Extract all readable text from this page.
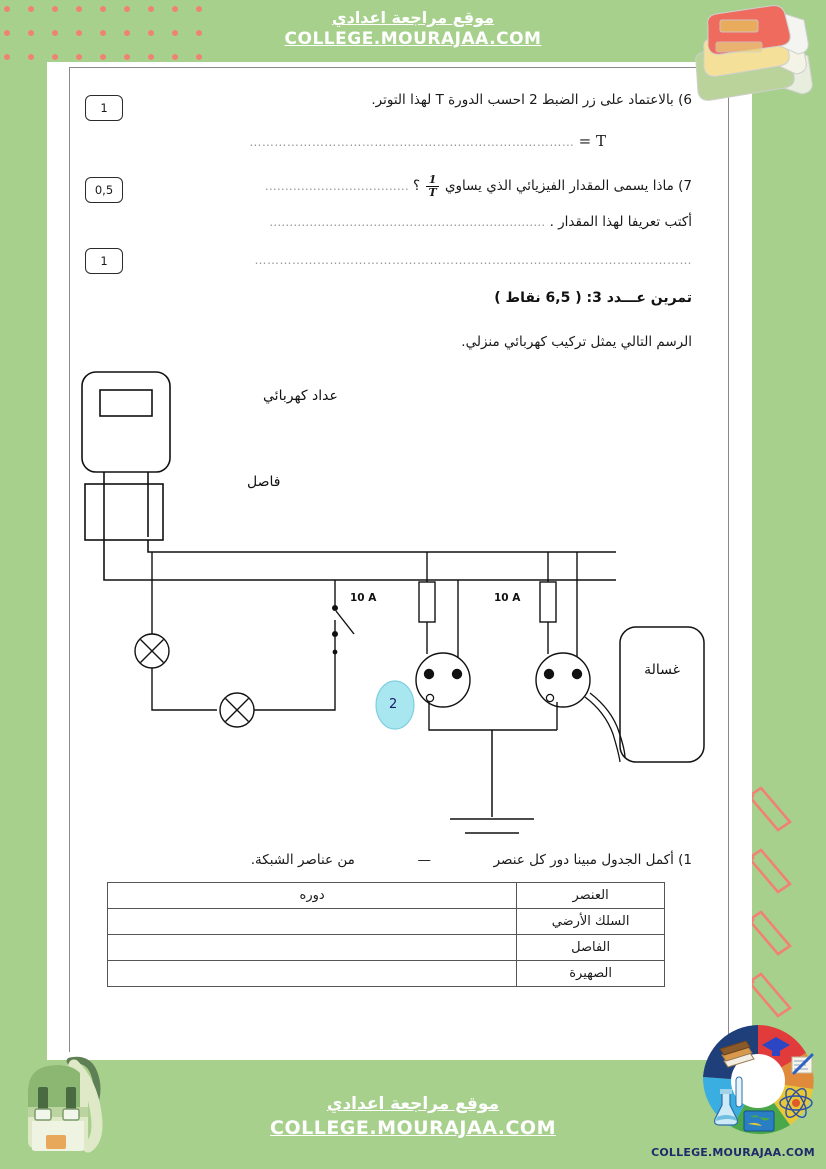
موقع مراجعة اعدادي
COLLEGE.MOURAJAA.COM
1	6) بالاعتماد على زر الضبط 2 احسب الدورة T لهذا التوتر.
T = ……………………………………………………………………
0,5	7) ماذا يسمى المقدار الفيزيائي الذي يساوي
$\frac{1}{T}$
؟ ………………………………
أكتب تعريفا لهذا المقدار . ……………………………………………………………
1	……………………………………………………………………………………………
تمرين عـــدد 3: ( 6,5 نقاط )
الرسم التالي يمثل تركيب كهربائي منزلي.
عداد كهربائي
فاصل
10 A	10 A
2
غسالة
1) أكمل الجدول مبينا دور كل عنصر  —  من عناصر الشبكة.
العنصر	دوره
السلك الأرضي	
الفاصل	
الصهيرة	
موقع مراجعة اعدادي
COLLEGE.MOURAJAA.COM
COLLEGE.MOURAJAA.COM
